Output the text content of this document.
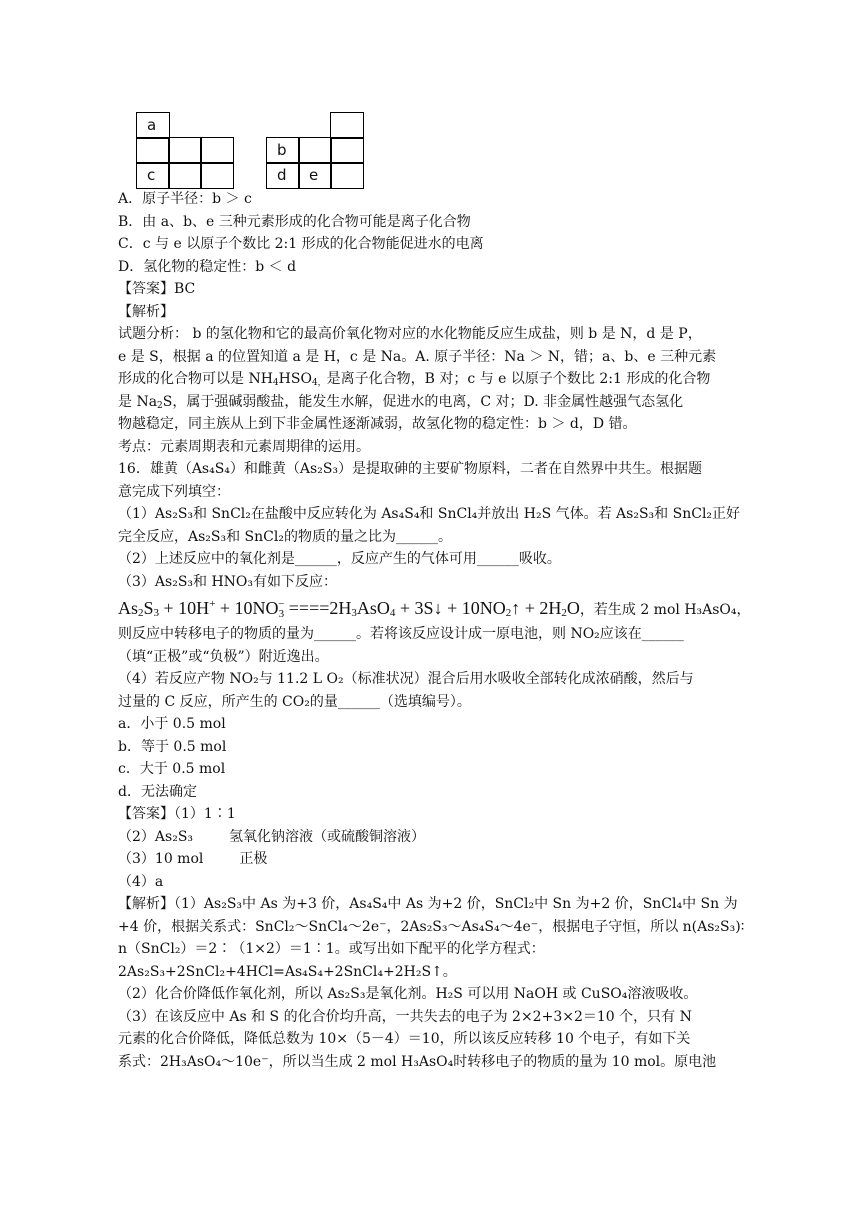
a
c
b
d	e
A．原子半径：b ＞ c
B．由 a、b、e 三种元素形成的化合物可能是离子化合物
C．c 与 e 以原子个数比 2:1 形成的化合物能促进水的电离
D．氢化物的稳定性：b ＜ d
【答案】BC
【解析】
试题分析： b 的氢化物和它的最高价氧化物对应的水化物能反应生成盐，则 b 是 N，d 是 P，
e 是 S，根据 a 的位置知道 a 是 H，c 是 Na。A. 原子半径：Na ＞ N，错；a、b、e 三种元素
形成的化合物可以是 $NH_4HSO_{4,}$是离子化合物，B 对；c 与 e 以原子个数比 2:1 形成的化合物
是 $Na_2S$，属于强碱弱酸盐，能发生水解，促进水的电离，C 对；D. 非金属性越强气态氢化
物越稳定，同主族从上到下非金属性逐渐减弱，故氢化物的稳定性：b ＞ d，D 错。
考点：元素周期表和元素周期律的运用。
16．雄黄（As₄S₄）和雌黄（As₂S₃）是提取砷的主要矿物原料，二者在自然界中共生。根据题
意完成下列填空：
（1）As₂S₃和 SnCl₂在盐酸中反应转化为 As₄S₄和 SnCl₄并放出 H₂S 气体。若 As₂S₃和 SnCl₂正好
完全反应，As₂S₃和 SnCl₂的物质的量之比为______。
（2）上述反应中的氧化剂是______，反应产生的气体可用______吸收。
（3）As₂S₃和 HNO₃有如下反应：
$As_2S_3 + 10H^+ + 10NO_3^- ====2H_3AsO_4$ + 3S↓ + $10NO_2↑ + 2H_2O$，若生成 2 mol H₃AsO₄，
则反应中转移电子的物质的量为______。若将该反应设计成一原电池，则 NO₂应该在______
（填“正极”或“负极”）附近逸出。
（4）若反应产物 NO₂与 11.2 L O₂（标准状况）混合后用水吸收全部转化成浓硝酸，然后与
过量的 C 反应，所产生的 CO₂的量______（选填编号）。
a．小于 0.5 mol
b．等于 0.5 mol
c．大于 0.5 mol
d．无法确定
【答案】（1）1∶1
（2）As₂S₃	氢氧化钠溶液（或硫酸铜溶液）
（3）10 mol	正极
（4）a
【解析】（1）As₂S₃中 As 为+3 价，As₄S₄中 As 为+2 价，SnCl₂中 Sn 为+2 价，SnCl₄中 Sn 为
+4 价，根据关系式：SnCl₂～SnCl₄～2e⁻，2As₂S₃～As₄S₄～4e⁻，根据电子守恒，所以 n(As₂S₃)∶
n（SnCl₂）＝2∶（1×2）＝1∶1。或写出如下配平的化学方程式：
2As₂S₃+2SnCl₂+4HCl=As₄S₄+2SnCl₄+2H₂S↑。
（2）化合价降低作氧化剂，所以 As₂S₃是氧化剂。H₂S 可以用 NaOH 或 CuSO₄溶液吸收。
（3）在该反应中 As 和 S 的化合价均升高，一共失去的电子为 2×2+3×2＝10 个，只有 N
元素的化合价降低，降低总数为 10×（5－4）＝10，所以该反应转移 10 个电子，有如下关
系式：2H₃AsO₄～10e⁻，所以当生成 2 mol H₃AsO₄时转移电子的物质的量为 10 mol。原电池
